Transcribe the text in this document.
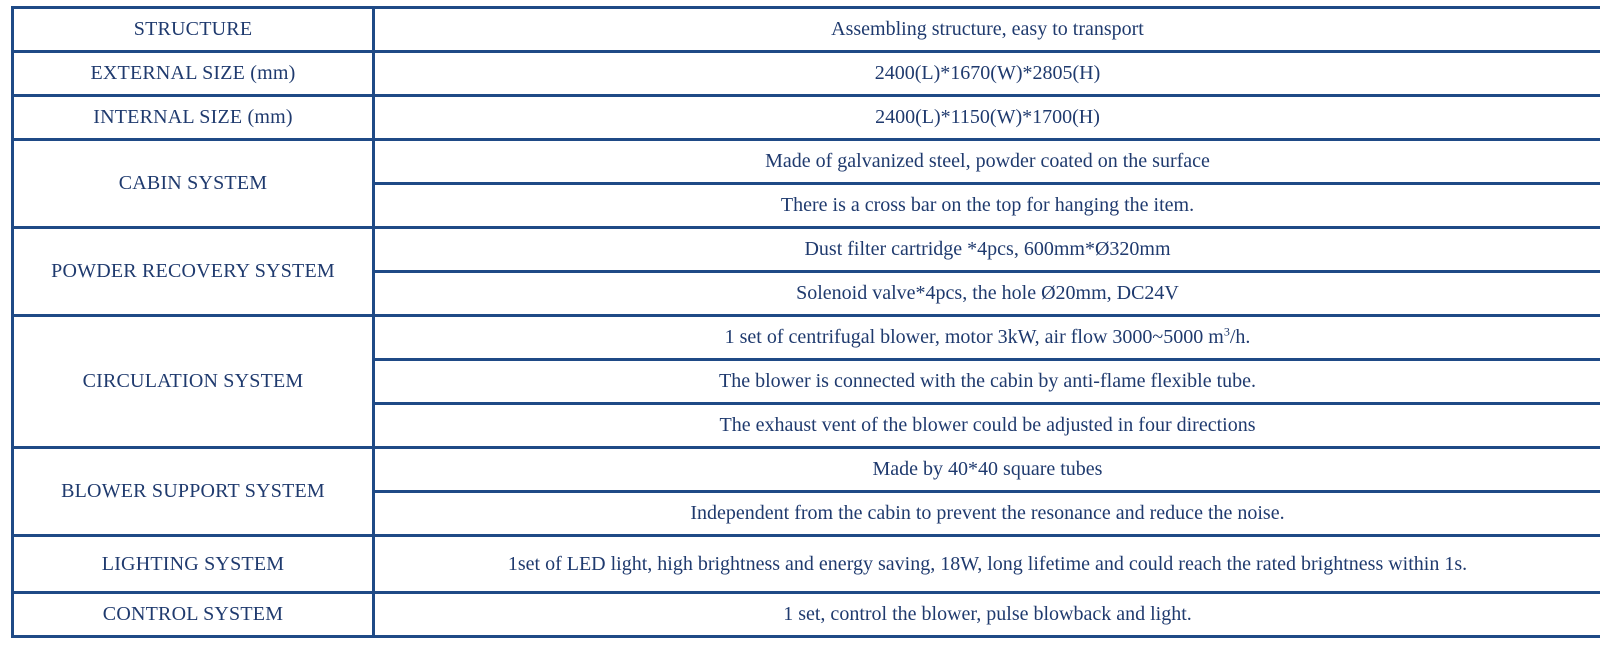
STRUCTURE	Assembling structure, easy to transport
EXTERNAL SIZE (mm)	2400(L)*1670(W)*2805(H)
INTERNAL SIZE (mm)	2400(L)*1150(W)*1700(H)
CABIN SYSTEM	Made of galvanized steel, powder coated on the surface
	There is a cross bar on the top for hanging the item.
POWDER RECOVERY SYSTEM	Dust filter cartridge *4pcs, 600mm*Ø320mm
	Solenoid valve*4pcs, the hole Ø20mm, DC24V
CIRCULATION SYSTEM	1 set of centrifugal blower, motor 3kW, air flow 3000~5000 $m^3/h$.
	The blower is connected with the cabin by anti-flame flexible tube.
	The exhaust vent of the blower could be adjusted in four directions
BLOWER SUPPORT SYSTEM	Made by 40*40 square tubes
	Independent from the cabin to prevent the resonance and reduce the noise.
LIGHTING SYSTEM	1set of LED light, high brightness and energy saving, 18W, long lifetime and could reach the rated brightness within 1s.
CONTROL SYSTEM	1 set, control the blower, pulse blowback and light.
